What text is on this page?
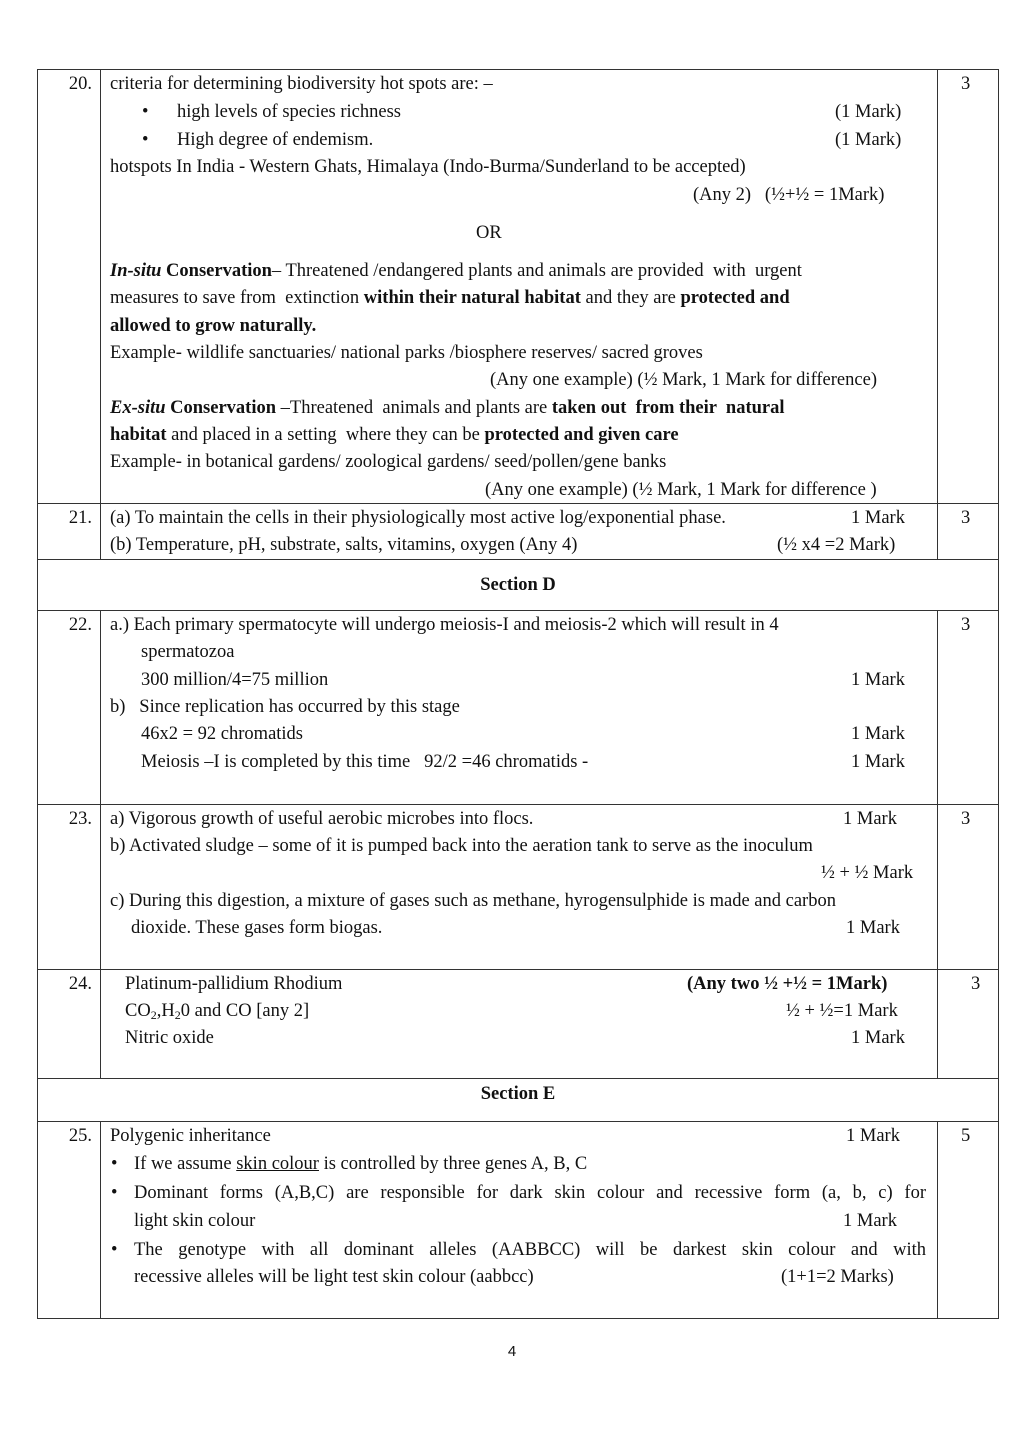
20.	3
criteria for determining biodiversity hot spots are: –
• high levels of species richness	(1 Mark)
• High degree of endemism.	(1 Mark)
hotspots In India - Western Ghats, Himalaya (Indo-Burma/Sunderland to be accepted)
(Any 2)   (½+½ = 1Mark)
OR
In-situ Conservation– Threatened /endangered plants and animals are provided  with  urgent
measures to save from  extinction within their natural habitat and they are protected and
allowed to grow naturally.
Example- wildlife sanctuaries/ national parks /biosphere reserves/ sacred groves
(Any one example) (½ Mark, 1 Mark for difference)
Ex-situ Conservation –Threatened  animals and plants are taken out  from their  natural
habitat and placed in a setting  where they can be protected and given care
Example- in botanical gardens/ zoological gardens/ seed/pollen/gene banks
(Any one example) (½ Mark, 1 Mark for difference )
21.	3
(a) To maintain the cells in their physiologically most active log/exponential phase.	1 Mark
(b) Temperature, pH, substrate, salts, vitamins, oxygen (Any 4)	(½ x4 =2 Mark)
Section D
22.	3
a.) Each primary spermatocyte will undergo meiosis-I and meiosis-2 which will result in 4
spermatozoa
300 million/4=75 million	1 Mark
b)   Since replication has occurred by this stage
46x2 = 92 chromatids	1 Mark
Meiosis –I is completed by this time   92/2 =46 chromatids -	1 Mark
23.	3
a) Vigorous growth of useful aerobic microbes into flocs.	1 Mark
b) Activated sludge – some of it is pumped back into the aeration tank to serve as the inoculum
½ + ½ Mark
c) During this digestion, a mixture of gases such as methane, hyrogensulphide is made and carbon
dioxide. These gases form biogas.	1 Mark
24.	3
Platinum-pallidium Rhodium	(Any two ½ +½ = 1Mark)
$CO_2,H_20$ and CO [any 2]	½ + ½=1 Mark
Nitric oxide	1 Mark
Section E
25.	5
Polygenic inheritance	1 Mark
• If we assume skin colour is controlled by three genes A, B, C
• Dominant forms (A,B,C) are responsible for dark skin colour and recessive form (a, b, c) for
light skin colour	1 Mark
• The genotype with all dominant alleles (AABBCC) will be darkest skin colour and with
recessive alleles will be light test skin colour (aabbcc)	(1+1=2 Marks)
4
